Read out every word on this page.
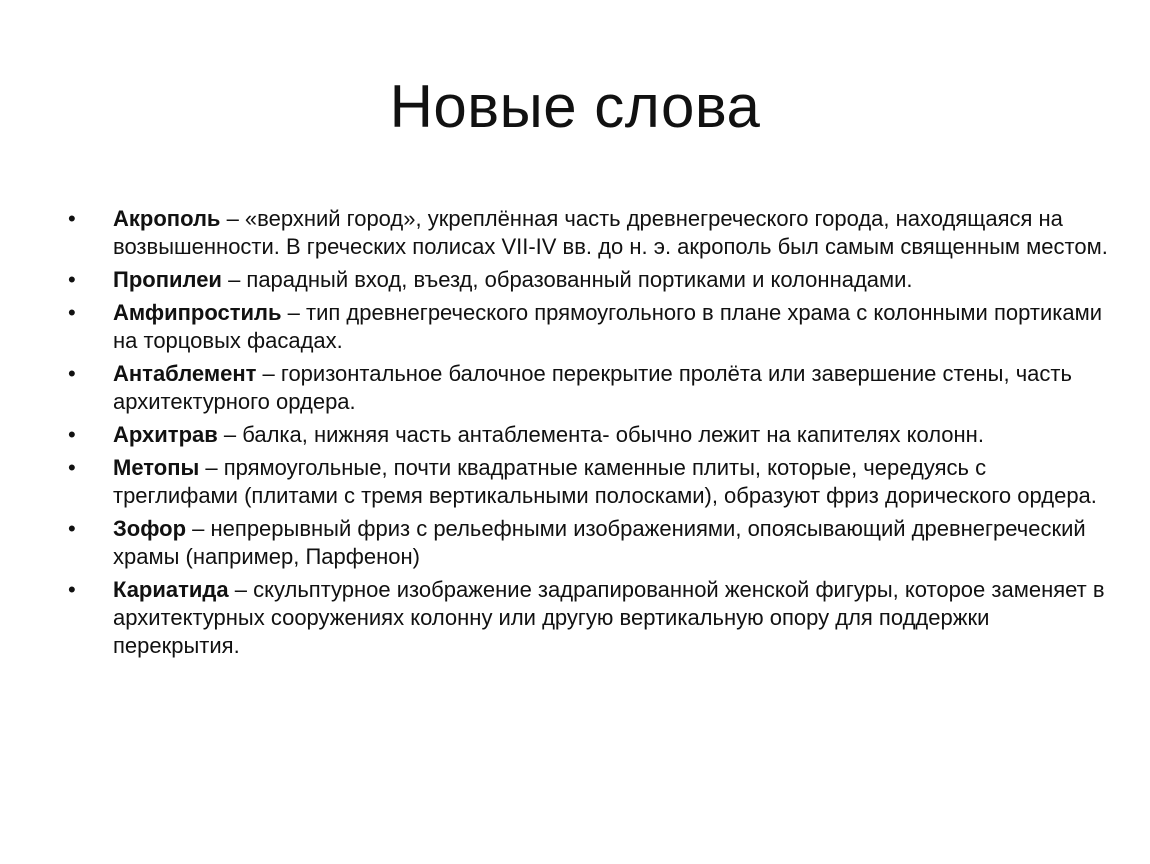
Новые слова
• Акрополь – «верхний город», укреплённая часть древнегреческого города, находящаяся на возвышенности. В греческих полисах VII-IV вв. до н. э. акрополь был самым священным местом.
• Пропилеи – парадный вход, въезд, образованный портиками и колоннадами.
• Амфипростиль – тип древнегреческого прямоугольного в плане храма с колонными портиками на торцовых фасадах.
• Антаблемент – горизонтальное балочное перекрытие пролёта или завершение стены, часть архитектурного ордера.
• Архитрав – балка, нижняя часть антаблемента- обычно лежит на капителях колонн.
• Метопы – прямоугольные, почти квадратные каменные плиты, которые, чередуясь с треглифами (плитами с тремя вертикальными полосками), образуют фриз дорического ордера.
• Зофор – непрерывный фриз с рельефными изображениями, опоясывающий древнегреческий храмы (например, Парфенон)
• Кариатида – скульптурное изображение задрапированной женской фигуры, которое заменяет в архитектурных сооружениях колонну или другую вертикальную опору для поддержки перекрытия.
